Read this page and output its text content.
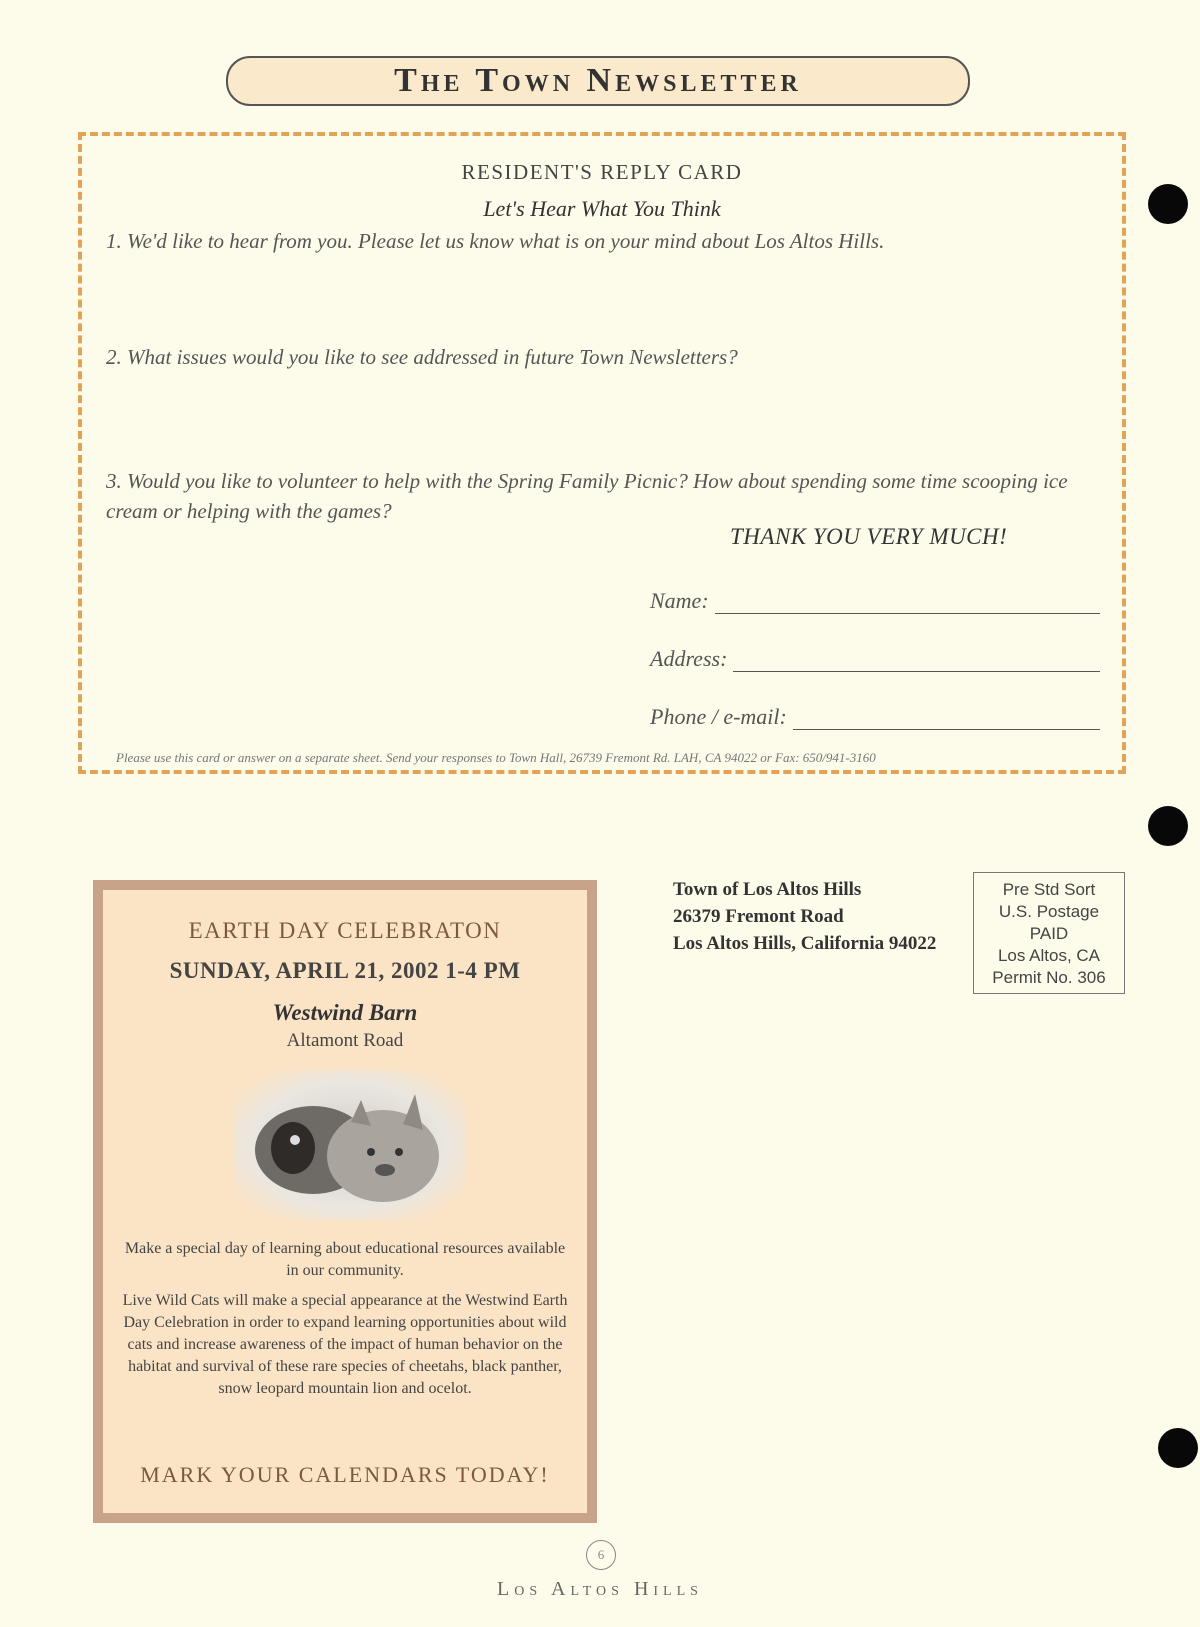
The Town Newsletter
RESIDENT'S REPLY CARD
Let's Hear What You Think
1. We'd like to hear from you. Please let us know what is on your mind about Los Altos Hills.
2. What issues would you like to see addressed in future Town Newsletters?
3. Would you like to volunteer to help with the Spring Family Picnic? How about spending some time scooping ice cream or helping with the games?
THANK YOU VERY MUCH!
Name:
Address:
Phone / e-mail:
Please use this card or answer on a separate sheet. Send your responses to Town Hall, 26739 Fremont Rd. LAH, CA 94022 or Fax: 650/941-3160
EARTH DAY CELEBRATON
SUNDAY, APRIL 21, 2002 1-4 PM
Westwind Barn
Altamont Road
Make a special day of learning about educational resources available in our community.
Live Wild Cats will make a special appearance at the Westwind Earth Day Celebration in order to expand learning opportunities about wild cats and increase awareness of the impact of human behavior on the habitat and survival of these rare species of cheetahs, black panther, snow leopard mountain lion and ocelot.
MARK YOUR CALENDARS TODAY!
Town of Los Altos Hills
26379 Fremont Road
Los Altos Hills, California 94022
Pre Std Sort
U.S. Postage
PAID
Los Altos, CA
Permit No. 306
6
Los Altos Hills
